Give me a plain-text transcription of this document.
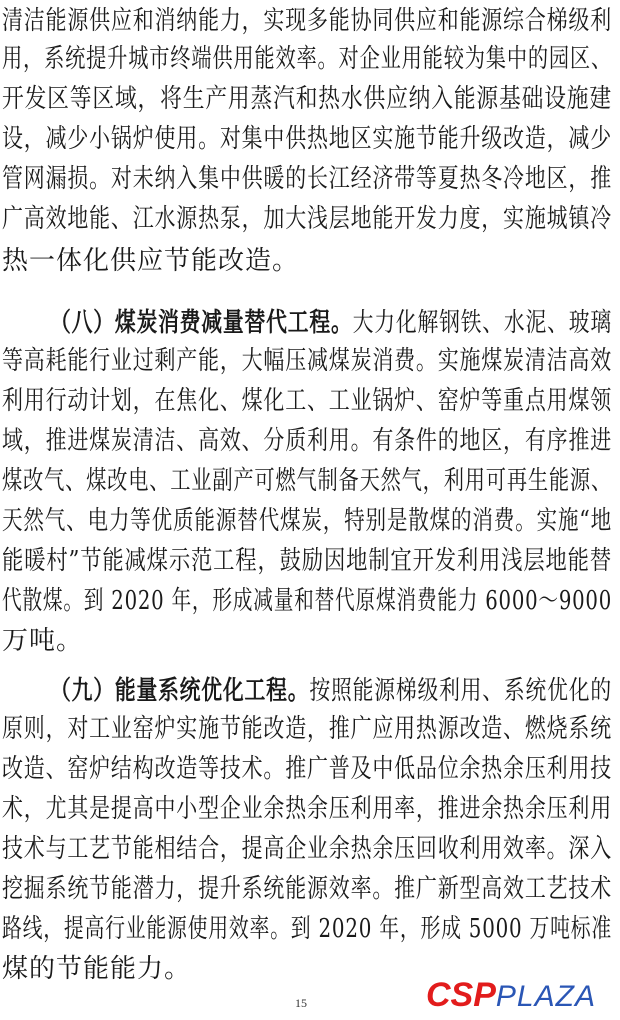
清洁能源供应和消纳能力，实现多能协同供应和能源综合梯级利
用，系统提升城市终端供用能效率。对企业用能较为集中的园区、
开发区等区域，将生产用蒸汽和热水供应纳入能源基础设施建
设，减少小锅炉使用。对集中供热地区实施节能升级改造，减少
管网漏损。对未纳入集中供暖的长江经济带等夏热冬冷地区，推
广高效地能、江水源热泵，加大浅层地能开发力度，实施城镇冷
热一体化供应节能改造。
（八）煤炭消费减量替代工程。大力化解钢铁、水泥、玻璃
等高耗能行业过剩产能，大幅压减煤炭消费。实施煤炭清洁高效
利用行动计划，在焦化、煤化工、工业锅炉、窑炉等重点用煤领
域，推进煤炭清洁、高效、分质利用。有条件的地区，有序推进
煤改气、煤改电、工业副产可燃气制备天然气，利用可再生能源、
天然气、电力等优质能源替代煤炭，特别是散煤的消费。实施“地
能暖村”节能减煤示范工程，鼓励因地制宜开发利用浅层地能替
代散煤。到 2020 年，形成减量和替代原煤消费能力 6000～9000
万吨。
（九）能量系统优化工程。按照能源梯级利用、系统优化的
原则，对工业窑炉实施节能改造，推广应用热源改造、燃烧系统
改造、窑炉结构改造等技术。推广普及中低品位余热余压利用技
术，尤其是提高中小型企业余热余压利用率，推进余热余压利用
技术与工艺节能相结合，提高企业余热余压回收利用效率。深入
挖掘系统节能潜力，提升系统能源效率。推广新型高效工艺技术
路线，提高行业能源使用效率。到 2020 年，形成 5000 万吨标准
煤的节能能力。
15	CSP PLAZA
